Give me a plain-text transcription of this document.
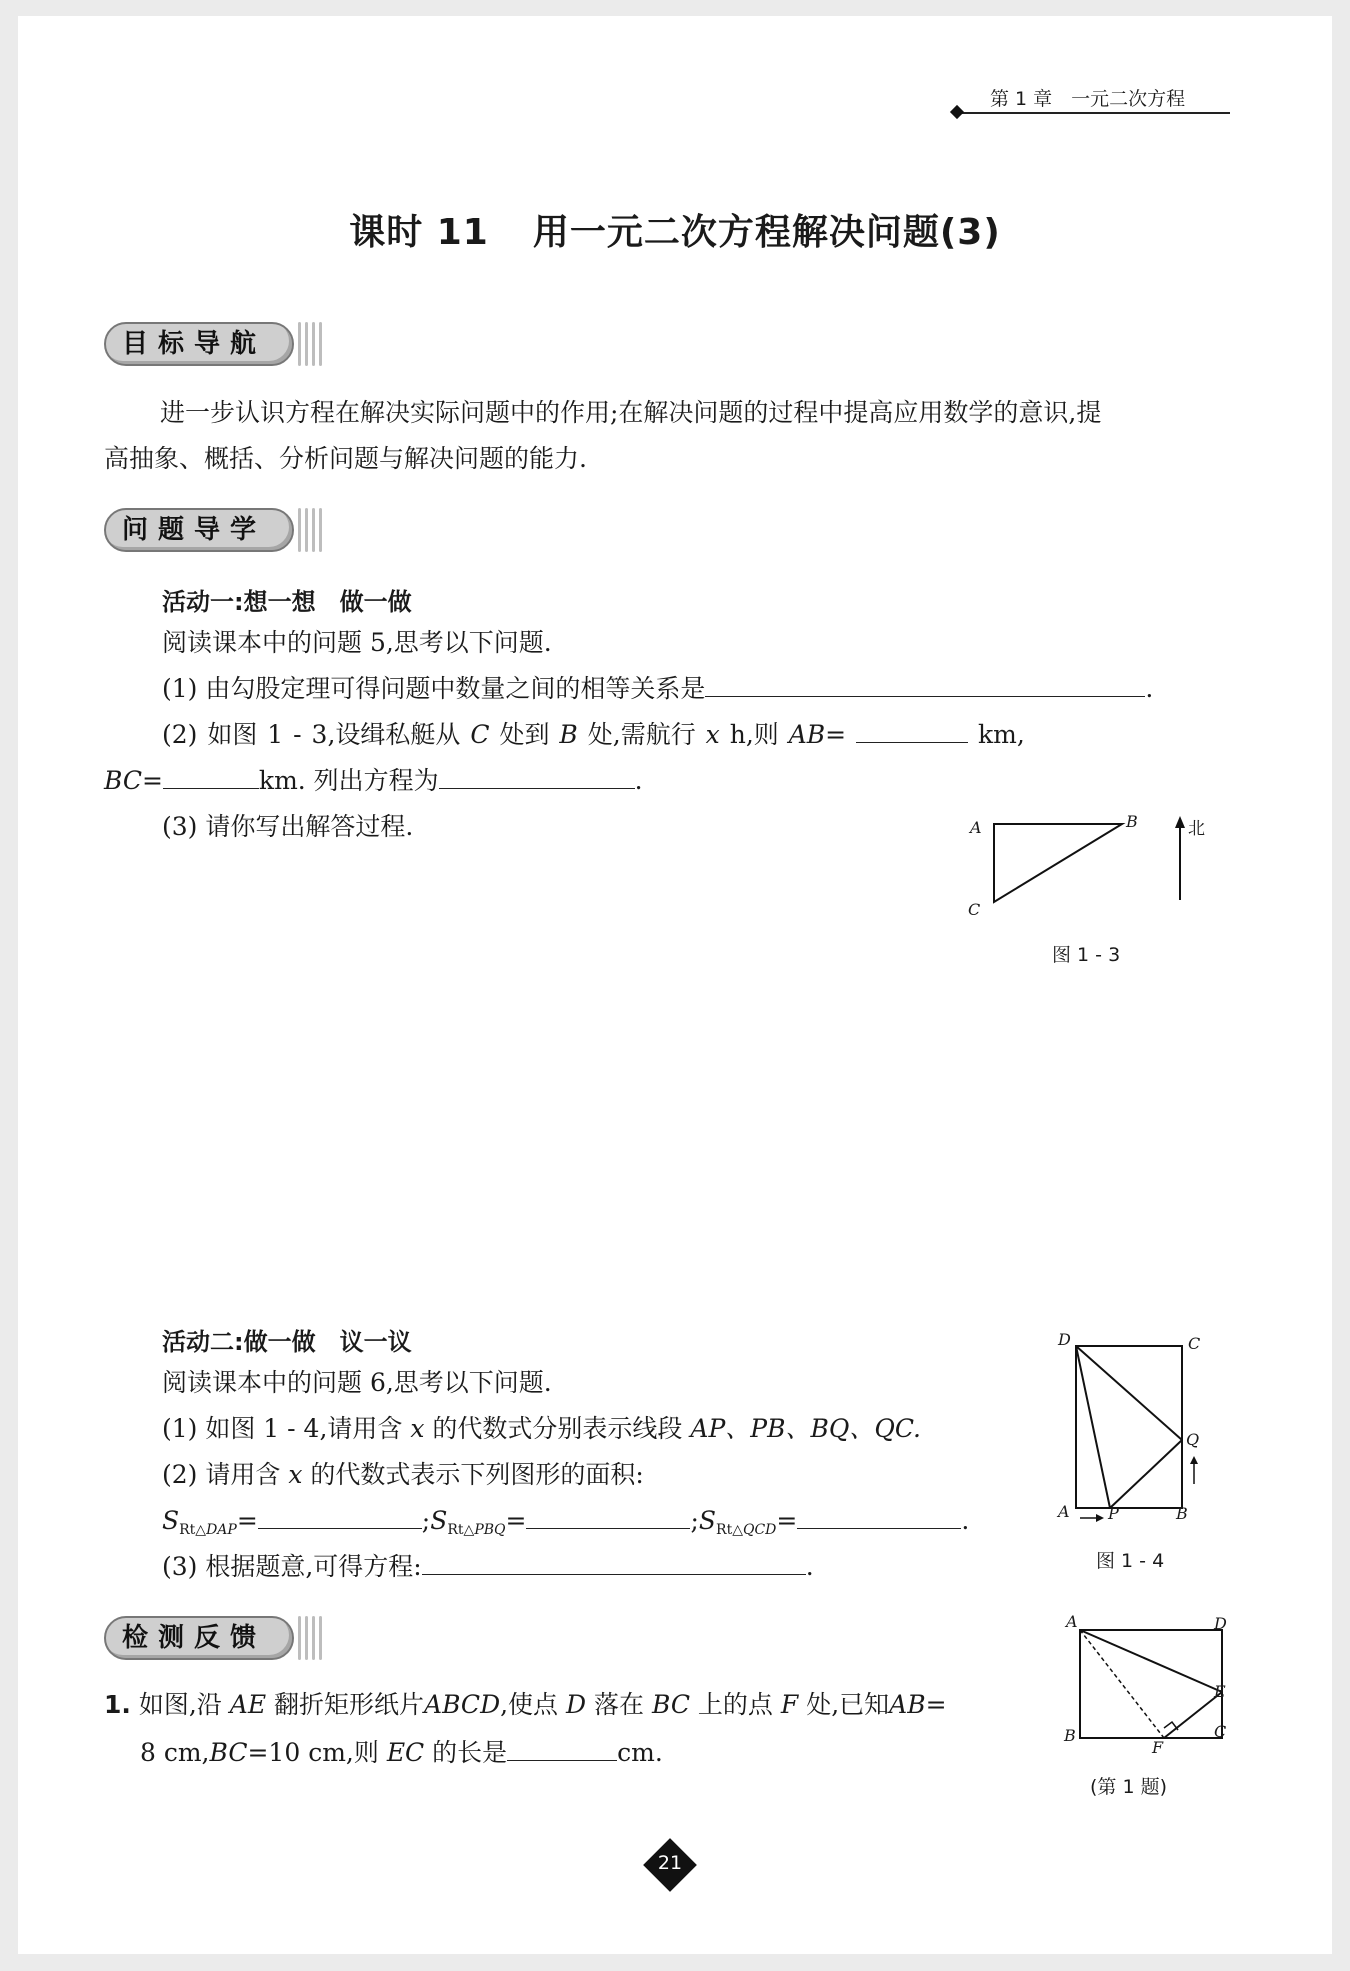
第 1 章　一元二次方程
课时 11 用一元二次方程解决问题(3)
目标导航
进一步认识方程在解决实际问题中的作用;在解决问题的过程中提高应用数学的意识,提
高抽象、概括、分析问题与解决问题的能力.
问题导学
活动一:想一想　做一做
阅读课本中的问题 5,思考以下问题.
(1) 由勾股定理可得问题中数量之间的相等关系是	.
(2) 如图 1 - 3,设缉私艇从 C 处到 B 处,需航行 x h,则 AB=	km,
BC=	km. 列出方程为	.
(3) 请你写出解答过程.	A	B
C
北
图 1 - 3
活动二:做一做　议一议
阅读课本中的问题 6,思考以下问题.
(1) 如图 1 - 4,请用含 x 的代数式分别表示线段 AP、PB、BQ、QC.
(2) 请用含 x 的代数式表示下列图形的面积:
$S_{Rt\triangle DAP}=$	$;S_{Rt\triangle PBQ}=$	$;S_{Rt\triangle QCD}=$	.
(3) 根据题意,可得方程:	.
D	C
Q
A P	B
图 1 - 4
检测反馈
1. 如图,沿 AE 翻折矩形纸片ABCD,使点 D 落在 BC 上的点 F 处,已知AB=
8 cm,BC=10 cm,则 EC 的长是	cm.
A	D
E
C
B
F
(第 1 题)
21
